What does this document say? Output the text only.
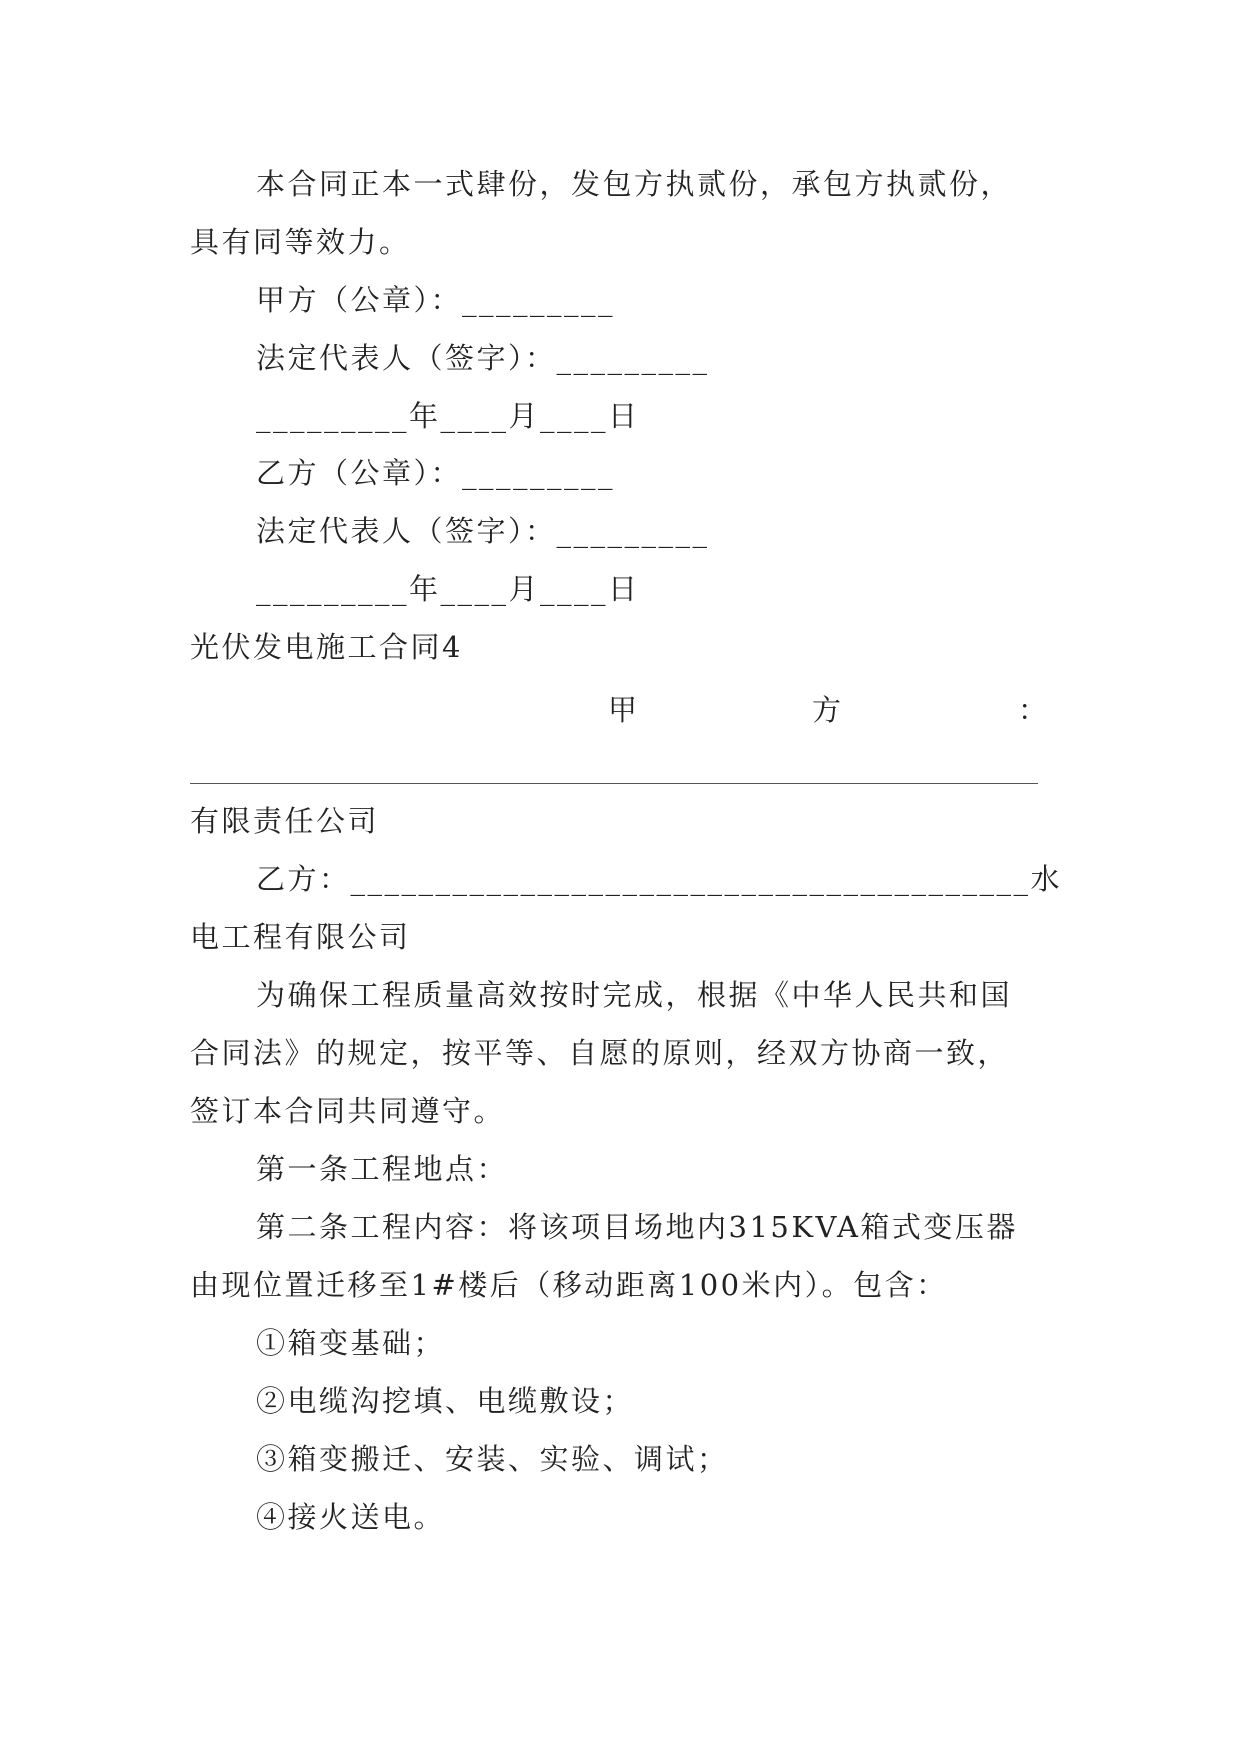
本合同正本一式肆份，发包方执贰份，承包方执贰份，
具有同等效力。
甲方（公章）：_________
法定代表人（签字）：_________
_________年____月____日
乙方（公章）：_________
法定代表人（签字）：_________
_________年____月____日
光伏发电施工合同4
甲	方	：
有限责任公司
乙方：________________________________________水
电工程有限公司
为确保工程质量高效按时完成，根据《中华人民共和国
合同法》的规定，按平等、自愿的原则，经双方协商一致，
签订本合同共同遵守。
第一条工程地点：
第二条工程内容：将该项目场地内315KVA箱式变压器
由现位置迁移至1#楼后（移动距离100米内）。包含：
①箱变基础；
②电缆沟挖填、电缆敷设；
③箱变搬迁、安装、实验、调试；
④接火送电。
